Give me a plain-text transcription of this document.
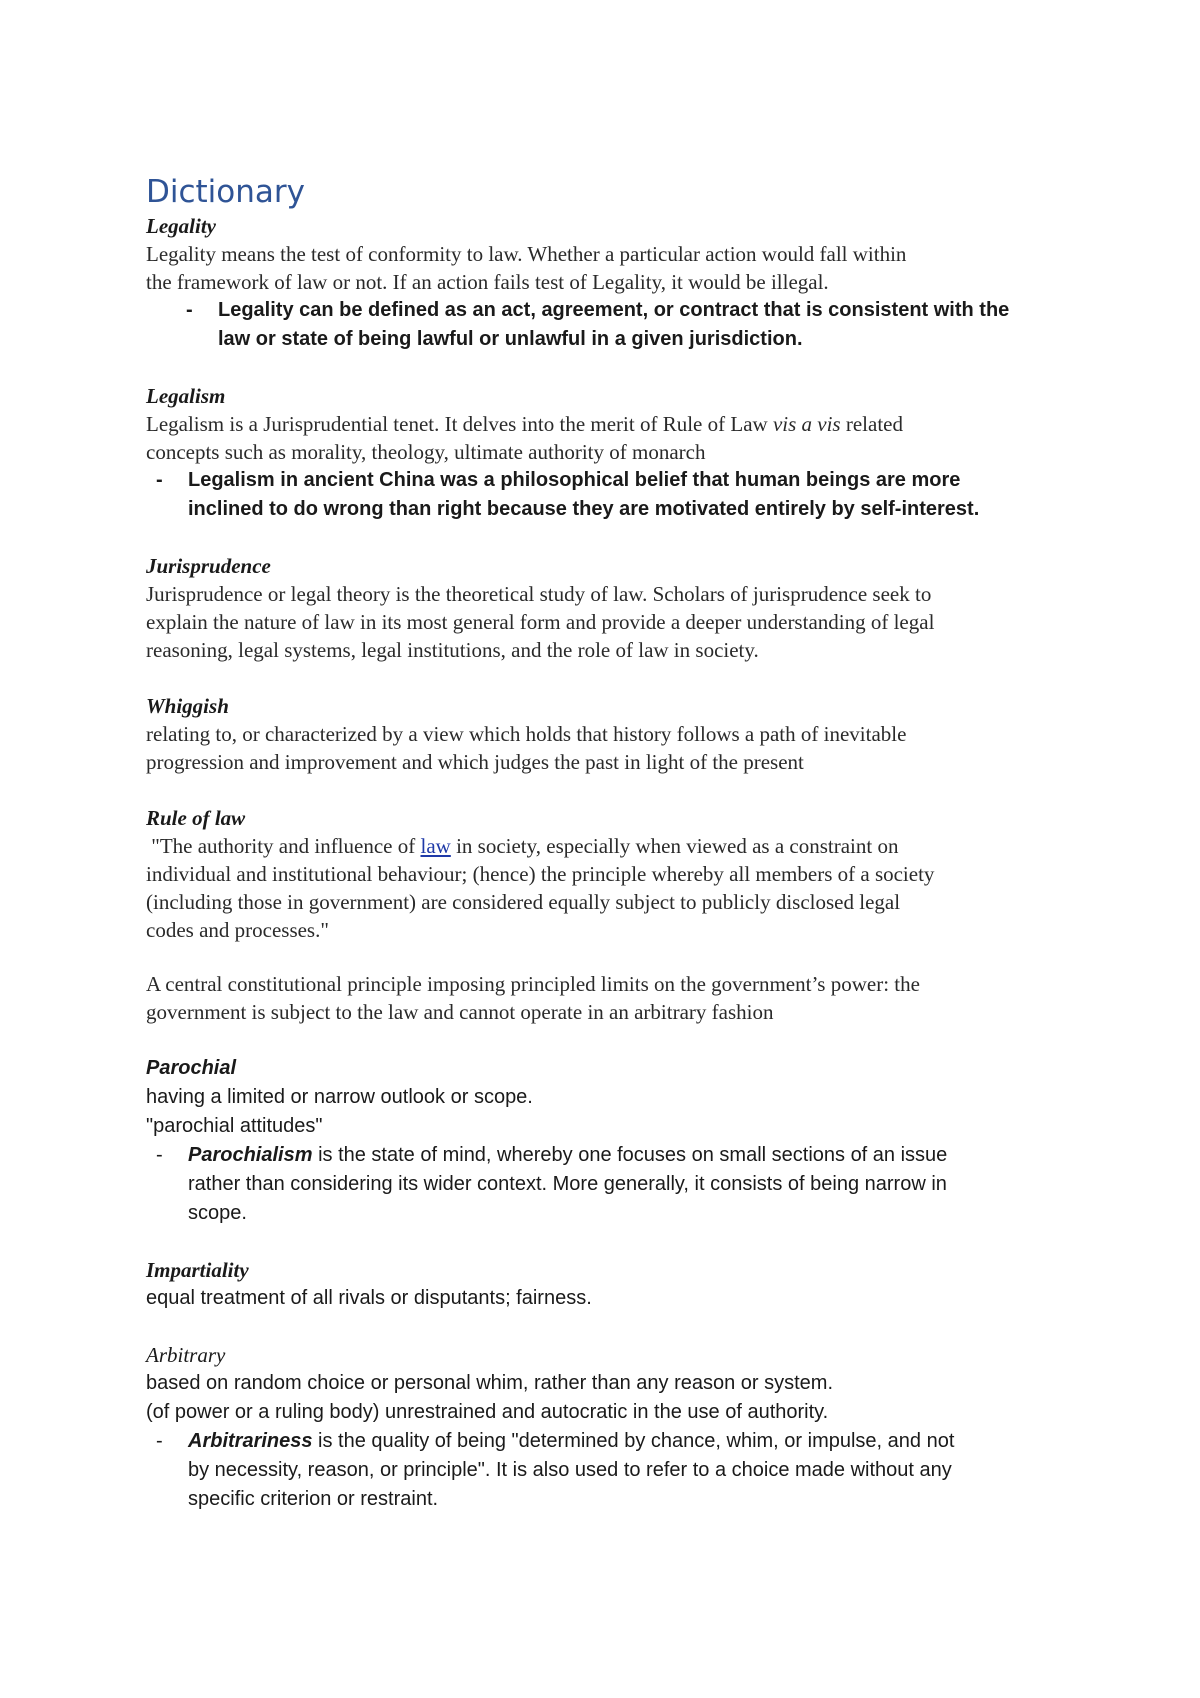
Dictionary

Legality

Legality means the test of conformity to law. Whether a particular action would fall within

the framework of law or not. If an action fails test of Legality, it would be illegal.

- Legality can be defined as an act, agreement, or contract that is consistent with the
law or state of being lawful or unlawful in a given jurisdiction.

Legalism

Legalism is a Jurisprudential tenet. It delves into the merit of Rule of Law vis a vis related

concepts such as morality, theology, ultimate authority of monarch

- Legalism in ancient China was a philosophical belief that human beings are more
inclined to do wrong than right because they are motivated entirely by self-interest.

Jurisprudence

Jurisprudence or legal theory is the theoretical study of law. Scholars of jurisprudence seek to

explain the nature of law in its most general form and provide a deeper understanding of legal

reasoning, legal systems, legal institutions, and the role of law in society.

Whiggish

relating to, or characterized by a view which holds that history follows a path of inevitable

progression and improvement and which judges the past in light of the present

Rule of law

"The authority and influence of law in society, especially when viewed as a constraint on

individual and institutional behaviour; (hence) the principle whereby all members of a society

(including those in government) are considered equally subject to publicly disclosed legal

codes and processes."

A central constitutional principle imposing principled limits on the government’s power: the

government is subject to the law and cannot operate in an arbitrary fashion

Parochial

having a limited or narrow outlook or scope.

"parochial attitudes"

- Parochialism is the state of mind, whereby one focuses on small sections of an issue
rather than considering its wider context. More generally, it consists of being narrow in
scope.

Impartiality

equal treatment of all rivals or disputants; fairness.

Arbitrary

based on random choice or personal whim, rather than any reason or system.

(of power or a ruling body) unrestrained and autocratic in the use of authority.

- Arbitrariness is the quality of being "determined by chance, whim, or impulse, and not
by necessity, reason, or principle". It is also used to refer to a choice made without any
specific criterion or restraint.
